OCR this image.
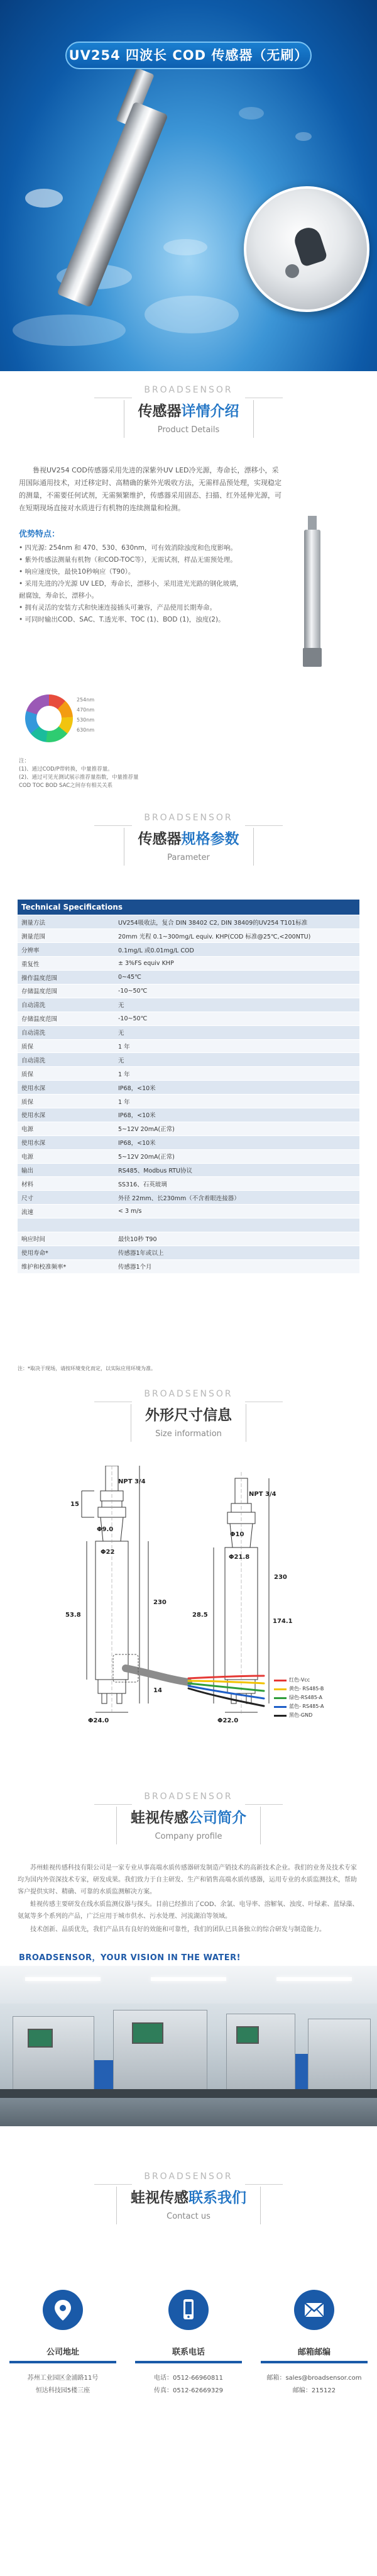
UV254 四波长 COD 传感器（无刷）
BROADSENSOR
传感器详情介绍
Product Details

鲁视UV254 COD传感器采用先进的深紫外UV LED冷光源，寿命长，漂移小，采用国际通用技术，对迁移定时、高精确的紫外光吸收方法，无需样品预处理，实现稳定的测量，不需要任何试剂，无需频繁维护，传感器采用固态、扫描、红外延伸光源，可在短期现场直接对水质进行有机物的连续测量和检测。

优势特点：
• 四光源: 254nm 和 470、530、630nm，可有效消除浊度和色度影响。
• 紫外传感法测量有机物（和COD-TOC等），无需试剂，样品无需预处理。
• 响应速度快，最快10秒响应（T90）。
• 采用先进的冷光源 UV LED，寿命长，漂移小，采用进光光路的钢化玻璃，
耐腐蚀，寿命长，漂移小。
• 拥有灵活的安装方式和快速连接插头可兼容，产品使用长期寿命。
• 可同时输出COD、SAC、T.透光率、TOC (1)、BOD (1)，浊度(2)。
254nm
470nm
530nm
630nm
注：
(1)、通过COD/P带转换，中量推荐量。
(2)、通过可见光测试展示推荐量指数，中量推荐量
COD TOC BOD SAC之间存有相关关系
BROADSENSOR
传感器规格参数
Parameter
Technical Specifications
测量方法	UV254吸收法，复合 DIN 38402 C2, DIN 38409的UV254 T101标准
测量范围	20mm 光程 0.1~300mg/L equiv. KHP(COD 标准@25℃,<200NTU)
分辨率	0.1mg/L 或0.01mg/L COD
重复性	± 3%FS equiv KHP
操作温度范围	0~45℃
存储温度范围	-10~50℃
自动清洗	无
存储温度范围	-10~50℃
自动清洗	无
质保	1 年
自动清洗	无
质保	1 年
使用水深	IP68，<10米
质保	1 年
使用水深	IP68，<10米
电源	5~12V 20mA(正常)
使用水深	IP68，<10米
电源	5~12V 20mA(正常)
输出	RS485、Modbus RTU协议
材料	SS316、石英玻璃
尺寸	外径 22mm、长230mm（不含着眼连接器）
流速	< 3 m/s

响应时间	最快10秒 T90
使用寿命*	传感器1年或以上
维护和校准频率*	传感器1个月
注：*取决于现场，请按环境变化而定，以实际应用环境为准。
BROADSENSOR
外形尺寸信息
Size information
Φ22
Φ24.0	Φ22.0
Φ21.8
Φ9.0
Φ10
15
53.8
14
28.5
174.1
230
230
NPT 3/4
NPT 3/4
红色-Vcc
黄色- RS485-B
绿色-RS485-A
蓝色- RS485-A
黑色-GND
BROADSENSOR
蛙视传感公司简介
Company profile

苏州蛙视传感科技有限公司是一家专业从事高端水质传感器研发制造产销技术的高新技术企业。我们的业务及技术专家均为国内外资深技术专家，研发成果。我们致力于自主研发、生产和销售高端水质传感器，运用专业的水质监测技术，帮助客户提供实时、精确、可靠的水质监测解决方案。

蛙视传感主要研发在线水质监测仪器与探头。目前已经推出了COD、余氯、电导率、溶解氧、浊度、叶绿素、蓝绿藻、氨氮等多个系列的产品，广泛应用于城市供水、污水处理、河流湖泊等领域。

技术创新、品质优先，我们产品具有良好的效能和可靠性，我们的团队已具备独立的综合研发与制造能力。

BROADSENSOR，YOUR VISION IN THE WATER!
BROADSENSOR
蛙视传感联系我们
Contact us
公司地址
苏州工业园区金浦路11号
恒达科技园5楼三座
联系电话
电话：0512-66960811
传真：0512-62669329
邮箱邮编
邮箱：sales@broadsensor.com
邮编：215122
